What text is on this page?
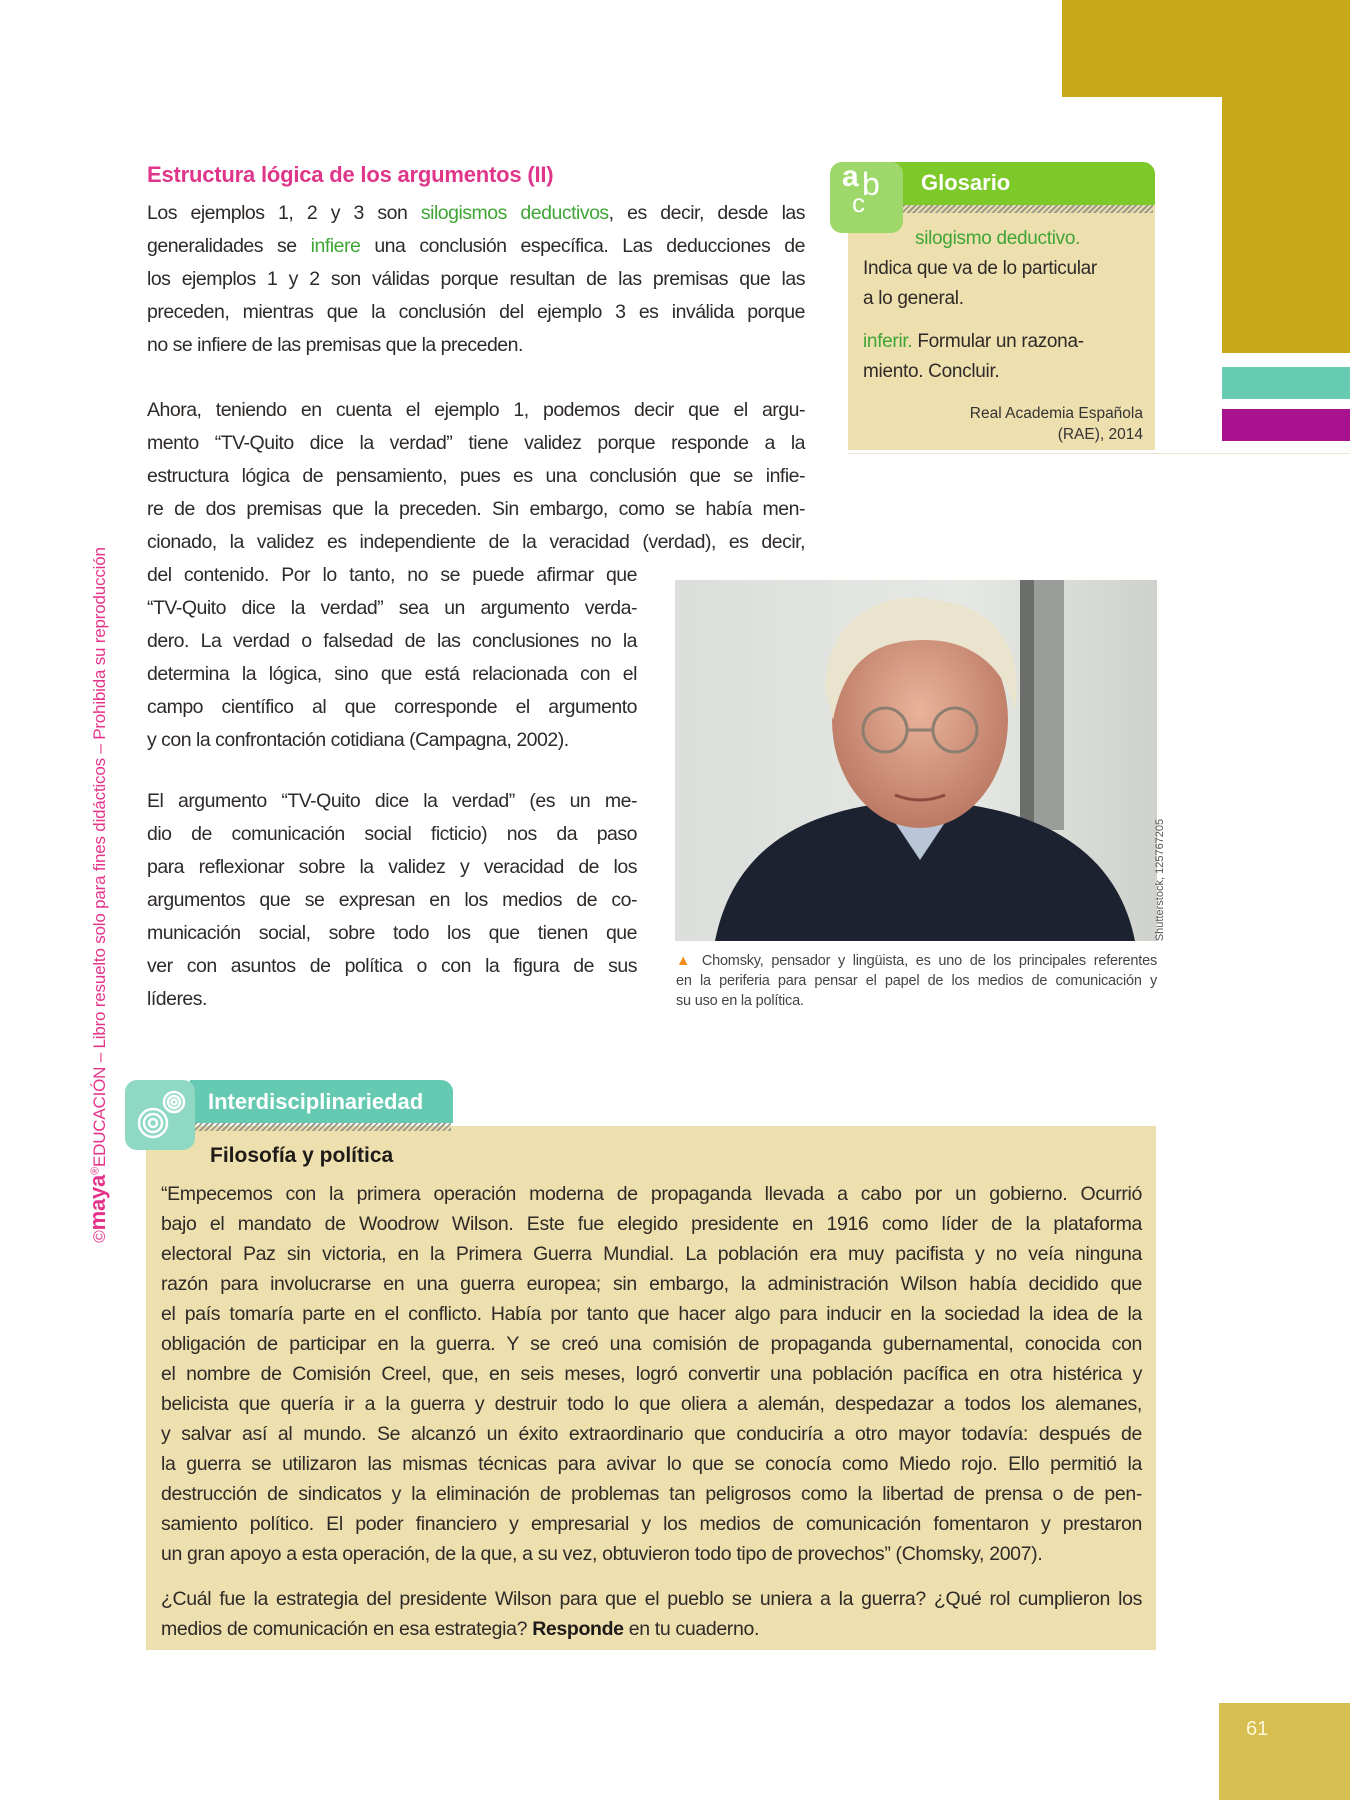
©maya®EDUCACIÓN – Libro resuelto solo para fines didácticos – Prohibida su reproducción
Estructura lógica de los argumentos (II)
Los ejemplos 1, 2 y 3 son silogismos deductivos, es decir, desde las
generalidades se infiere una conclusión específica. Las deducciones de
los ejemplos 1 y 2 son válidas porque resultan de las premisas que las
preceden, mientras que la conclusión del ejemplo 3 es inválida porque
no se infiere de las premisas que la preceden.
Ahora, teniendo en cuenta el ejemplo 1, podemos decir que el argu-
mento “TV-Quito dice la verdad” tiene validez porque responde a la
estructura lógica de pensamiento, pues es una conclusión que se infie-
re de dos premisas que la preceden. Sin embargo, como se había men-
cionado, la validez es independiente de la veracidad (verdad), es decir,
del contenido. Por lo tanto, no se puede afirmar que
“TV-Quito dice la verdad” sea un argumento verda-
dero. La verdad o falsedad de las conclusiones no la
determina la lógica, sino que está relacionada con el
campo científico al que corresponde el argumento
y con la confrontación cotidiana (Campagna, 2002).
El argumento “TV-Quito dice la verdad” (es un me-
dio de comunicación social ficticio) nos da paso
para reflexionar sobre la validez y veracidad de los
argumentos que se expresan en los medios de co-
municación social, sobre todo los que tienen que
ver con asuntos de política o con la figura de sus
líderes.
a b
c
Glosario
silogismo deductivo.
Indica que va de lo particular
a lo general.
inferir. Formular un razona-
miento. Concluir.
Real Academia Española
(RAE), 2014
Shutterstock, 125767205
▲ Chomsky, pensador y lingüista, es uno de los principales referentes
en la periferia para pensar el papel de los medios de comunicación y
su uso en la política.
Interdisciplinariedad
Filosofía y política
“Empecemos con la primera operación moderna de propaganda llevada a cabo por un gobierno. Ocurrió
bajo el mandato de Woodrow Wilson. Este fue elegido presidente en 1916 como líder de la plataforma
electoral Paz sin victoria, en la Primera Guerra Mundial. La población era muy pacifista y no veía ninguna
razón para involucrarse en una guerra europea; sin embargo, la administración Wilson había decidido que
el país tomaría parte en el conflicto. Había por tanto que hacer algo para inducir en la sociedad la idea de la
obligación de participar en la guerra. Y se creó una comisión de propaganda gubernamental, conocida con
el nombre de Comisión Creel, que, en seis meses, logró convertir una población pacífica en otra histérica y
belicista que quería ir a la guerra y destruir todo lo que oliera a alemán, despedazar a todos los alemanes,
y salvar así al mundo. Se alcanzó un éxito extraordinario que conduciría a otro mayor todavía: después de
la guerra se utilizaron las mismas técnicas para avivar lo que se conocía como Miedo rojo. Ello permitió la
destrucción de sindicatos y la eliminación de problemas tan peligrosos como la libertad de prensa o de pen-
samiento político. El poder financiero y empresarial y los medios de comunicación fomentaron y prestaron
un gran apoyo a esta operación, de la que, a su vez, obtuvieron todo tipo de provechos” (Chomsky, 2007).
¿Cuál fue la estrategia del presidente Wilson para que el pueblo se uniera a la guerra? ¿Qué rol cumplieron los
medios de comunicación en esa estrategia? Responde en tu cuaderno.
61
